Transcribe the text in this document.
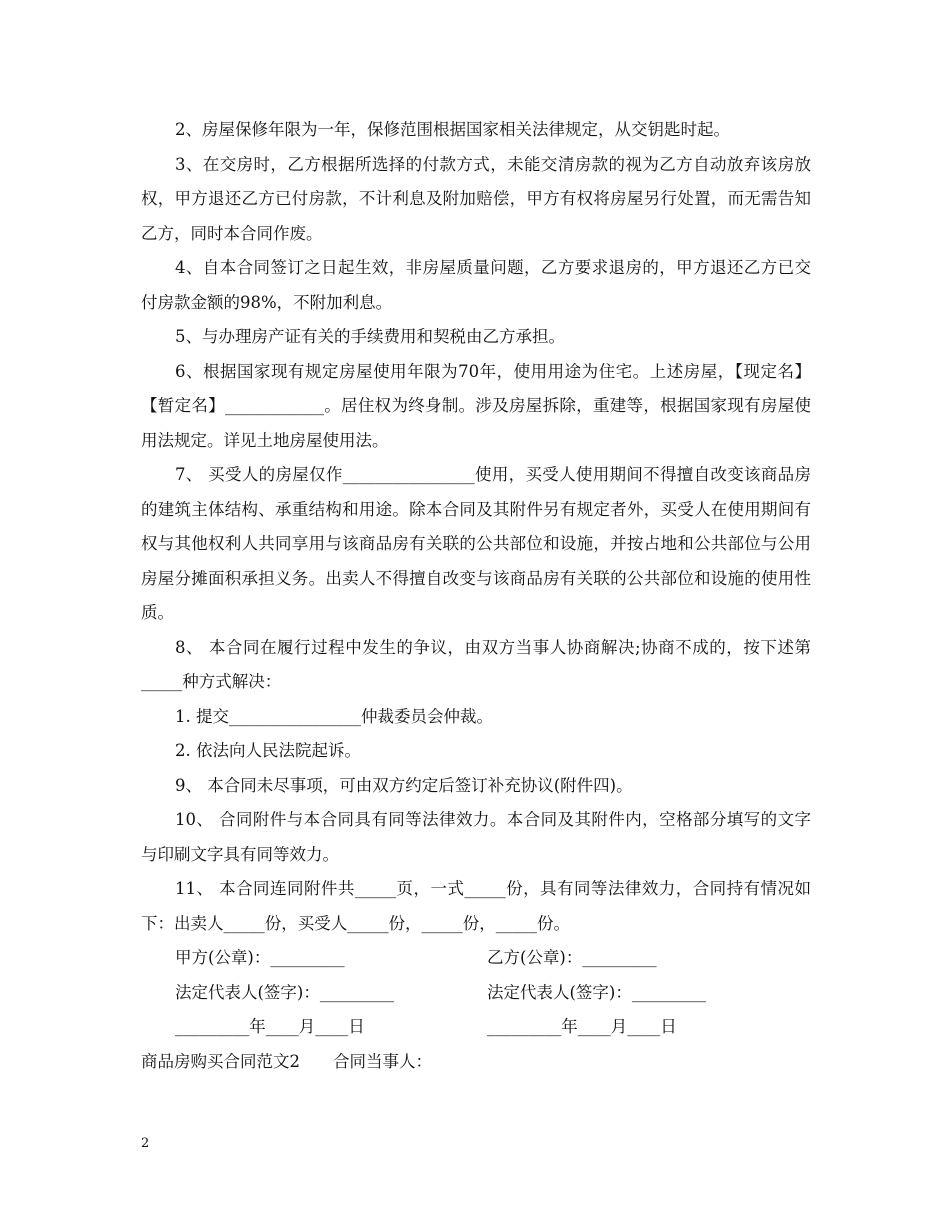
2、房屋保修年限为一年，保修范围根据国家相关法律规定，从交钥匙时起。

3、在交房时，乙方根据所选择的付款方式，未能交清房款的视为乙方自动放弃该房放权，甲方退还乙方已付房款，不计利息及附加赔偿，甲方有权将房屋另行处置，而无需告知乙方，同时本合同作废。

4、自本合同签订之日起生效，非房屋质量问题，乙方要求退房的，甲方退还乙方已交付房款金额的98%，不附加利息。

5、与办理房产证有关的手续费用和契税由乙方承担。

6、根据国家现有规定房屋使用年限为70年，使用用途为住宅。上述房屋，【现定名】【暂定名】____________。居住权为终身制。涉及房屋拆除，重建等，根据国家现有房屋使用法规定。详见土地房屋使用法。

7、 买受人的房屋仅作________________使用，买受人使用期间不得擅自改变该商品房的建筑主体结构、承重结构和用途。除本合同及其附件另有规定者外，买受人在使用期间有权与其他权利人共同享用与该商品房有关联的公共部位和设施，并按占地和公共部位与公用房屋分摊面积承担义务。出卖人不得擅自改变与该商品房有关联的公共部位和设施的使用性质。

8、 本合同在履行过程中发生的争议，由双方当事人协商解决;协商不成的，按下述第_____种方式解决：

1. 提交________________仲裁委员会仲裁。

2. 依法向人民法院起诉。

9、 本合同未尽事项，可由双方约定后签订补充协议(附件四)。

10、 合同附件与本合同具有同等法律效力。本合同及其附件内，空格部分填写的文字与印刷文字具有同等效力。

11、 本合同连同附件共_____页，一式_____份，具有同等法律效力，合同持有情况如下：出卖人_____份，买受人_____份，_____份，_____份。

甲方(公章)：_________	乙方(公章)：_________
法定代表人(签字)：_________	法定代表人(签字)：_________
_________年____月____日	_________年____月____日
商品房购买合同范文2　　合同当事人：
2
